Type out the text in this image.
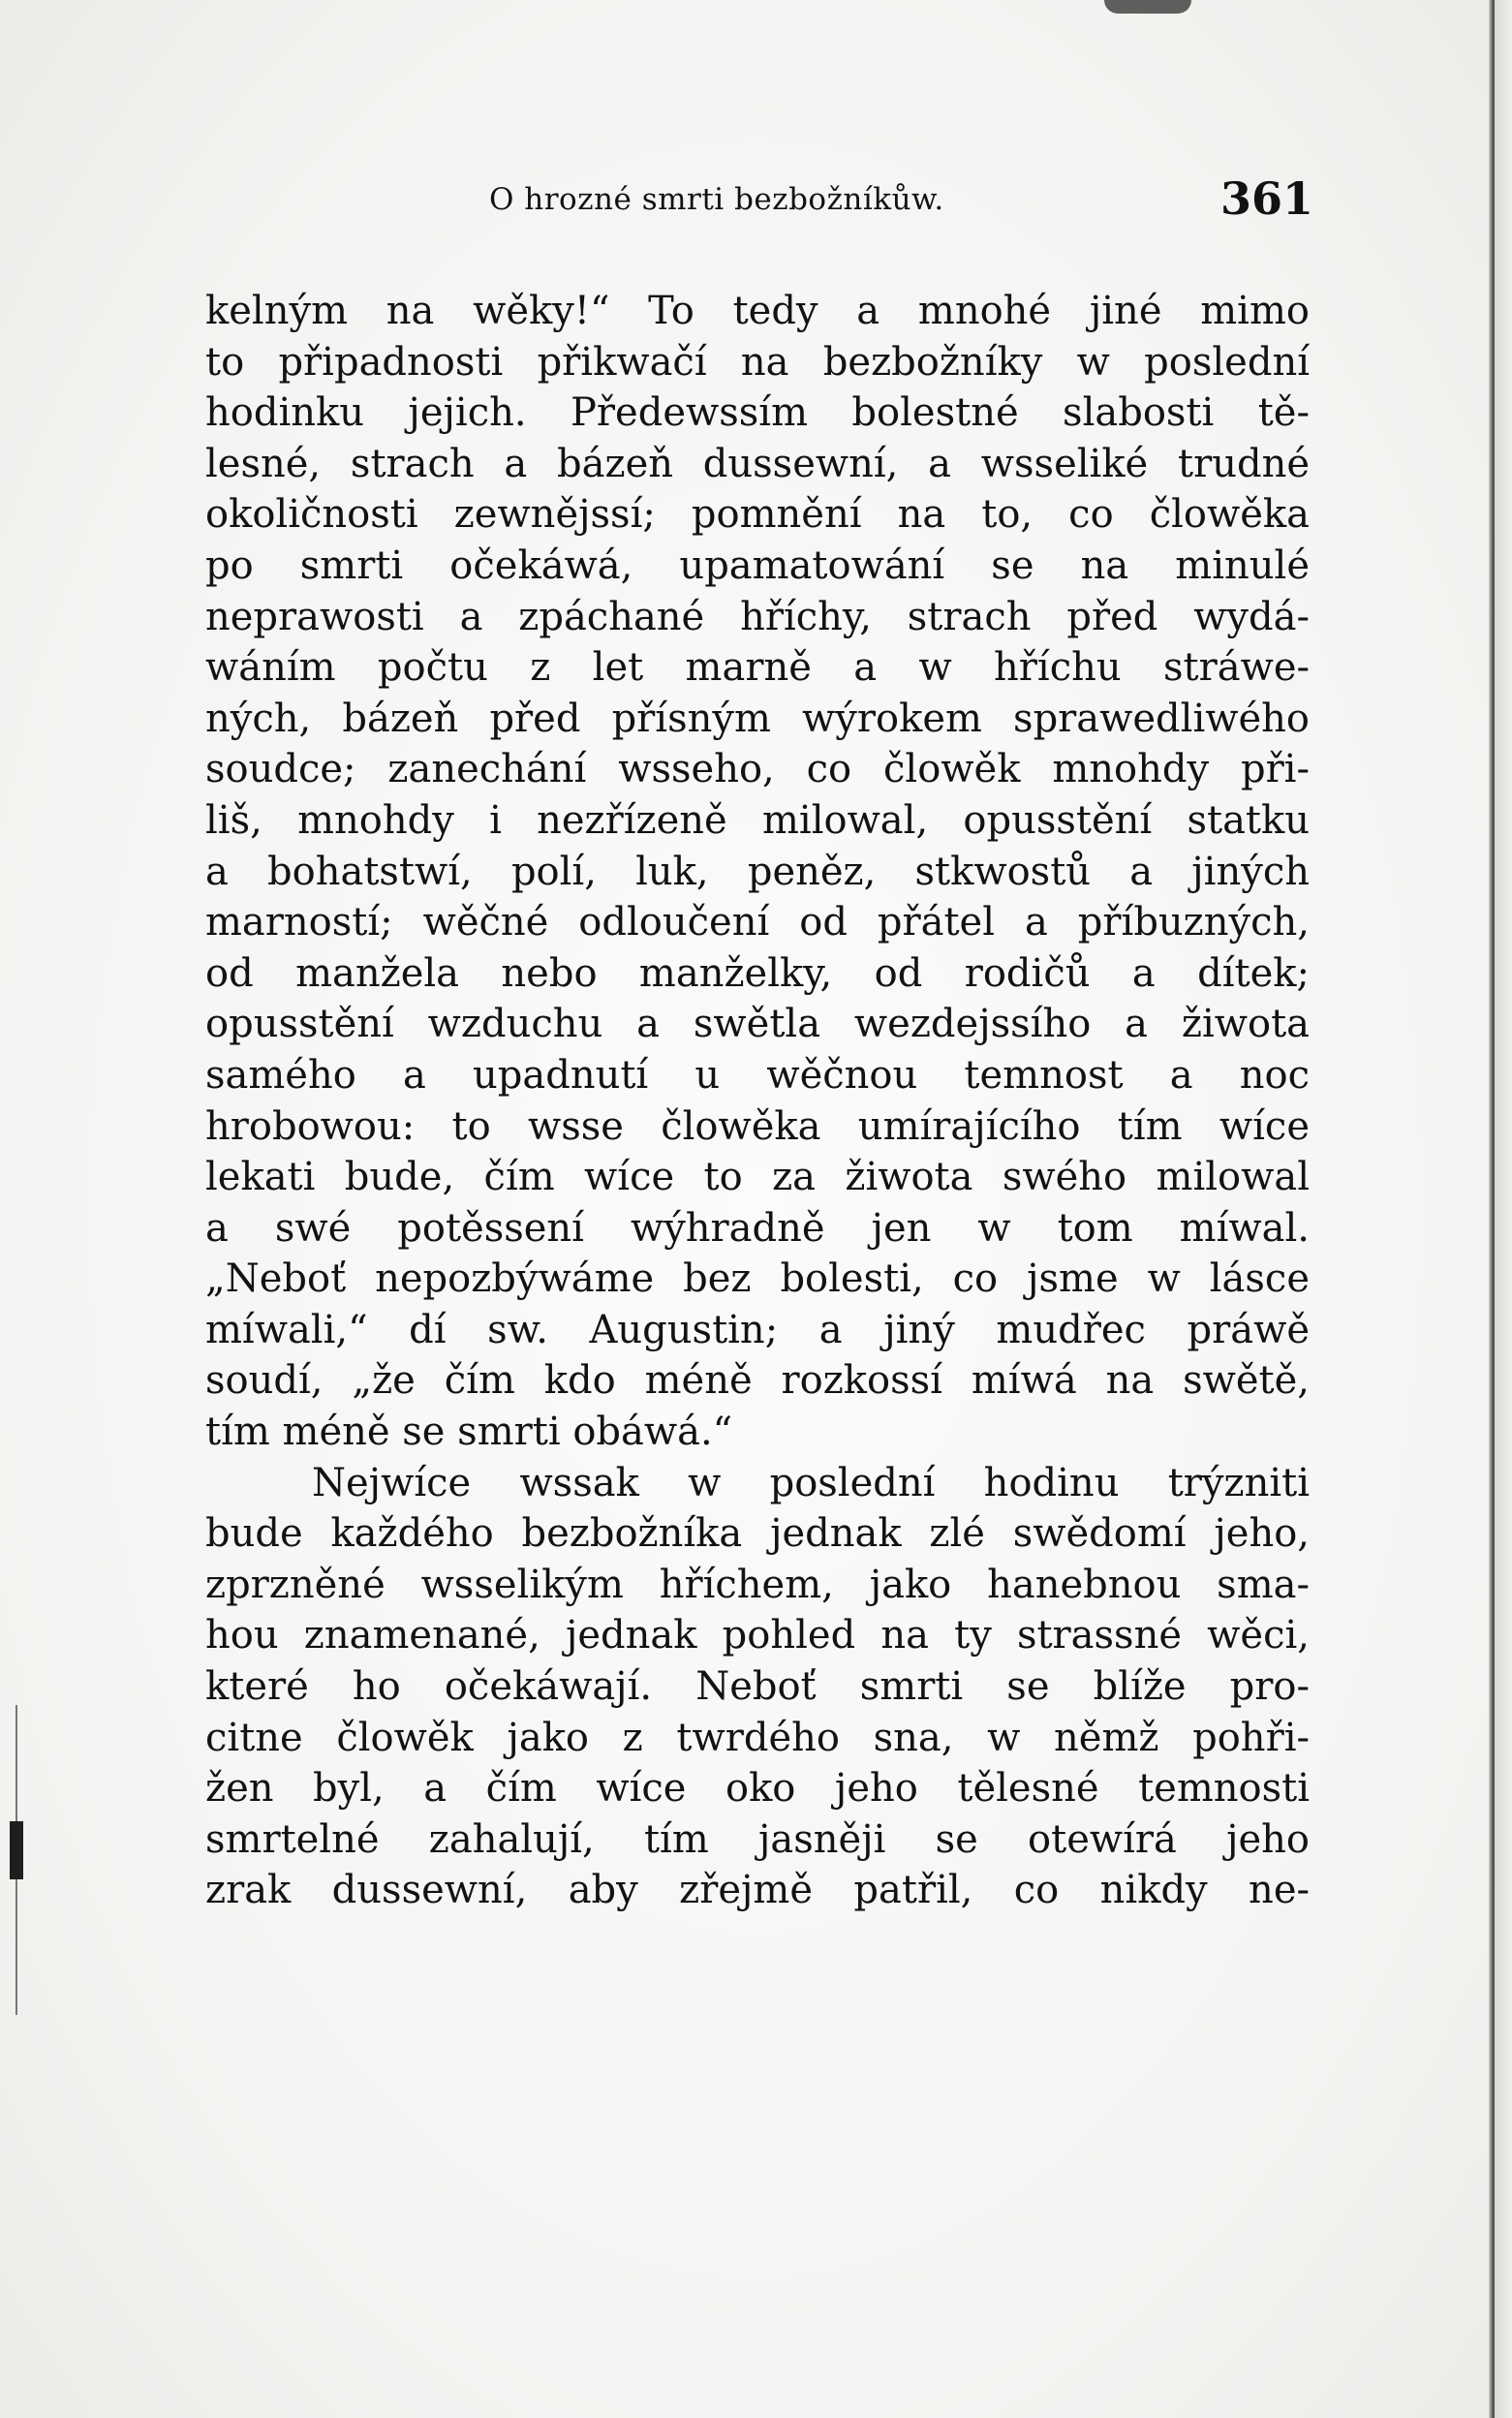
O hrozné smrti bezbožníkůw.	361
kelným na wěky!“ To tedy a mnohé jiné mimo
to připadnosti přikwačí na bezbožníky w poslední
hodinku jejich. Předewssím bolestné slabosti tě-
lesné, strach a bázeň dussewní, a wsseliké trudné
okoličnosti zewnějssí; pomnění na to, co člowěka
po smrti očekáwá, upamatowání se na minulé
neprawosti a zpáchané hříchy, strach před wydá-
wáním počtu z let marně a w hříchu stráwe-
ných, bázeň před přísným wýrokem sprawedliwého
soudce; zanechání wsseho, co člowěk mnohdy při-
liš, mnohdy i nezřízeně milowal, opusstění statku
a bohatstwí, polí, luk, peněz, stkwostů a jiných
marností; wěčné odloučení od přátel a příbuzných,
od manžela nebo manželky, od rodičů a dítek;
opusstění wzduchu a swětla wezdejssího a žiwota
samého a upadnutí u wěčnou temnost a noc
hrobowou: to wsse člowěka umírajícího tím wíce
lekati bude, čím wíce to za žiwota swého milowal
a swé potěssení wýhradně jen w tom míwal.
„Neboť nepozbýwáme bez bolesti, co jsme w lásce
míwali,“ dí sw. Augustin; a jiný mudřec práwě
soudí, „že čím kdo méně rozkossí míwá na swětě,
tím méně se smrti obáwá.“
Nejwíce wssak w poslední hodinu trýzniti
bude každého bezbožníka jednak zlé swědomí jeho,
zprzněné wsselikým hříchem, jako hanebnou sma-
hou znamenané, jednak pohled na ty strassné wěci,
které ho očekáwají. Neboť smrti se blíže pro-
citne člowěk jako z twrdého sna, w němž pohři-
žen byl, a čím wíce oko jeho tělesné temnosti
smrtelné zahalují, tím jasněji se otewírá jeho
zrak dussewní, aby zřejmě patřil, co nikdy ne-
